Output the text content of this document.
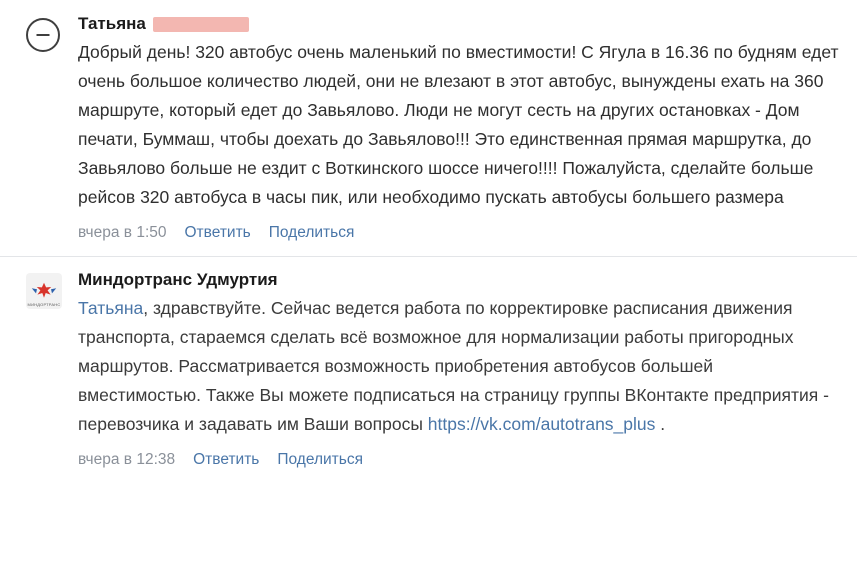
Татьяна
Добрый день! 320 автобус очень маленький по вместимости! С Ягула в 16.36 по будням едет очень большое количество людей, они не влезают в этот автобус, вынуждены ехать на 360 маршруте, который едет до Завьялово. Люди не могут сесть на других остановках - Дом печати, Буммаш, чтобы доехать до Завьялово!!! Это единственная прямая маршрутка, до Завьялово больше не ездит с Воткинского шоссе ничего!!!! Пожалуйста, сделайте больше рейсов 320 автобуса в часы пик, или необходимо пускать автобусы большего размера
вчера в 1:50 Ответить Поделиться
МИНДОРТРАНС
Миндортранс Удмуртия
Татьяна, здравствуйте. Сейчас ведется работа по корректировке расписания движения транспорта, стараемся сделать всё возможное для нормализации работы пригородных маршрутов. Рассматривается возможность приобретения автобусов большей вместимостью. Также Вы можете подписаться на страницу группы ВКонтакте предприятия - перевозчика и задавать им Ваши вопросы https://vk.com/autotrans_plus .
вчера в 12:38 Ответить Поделиться
